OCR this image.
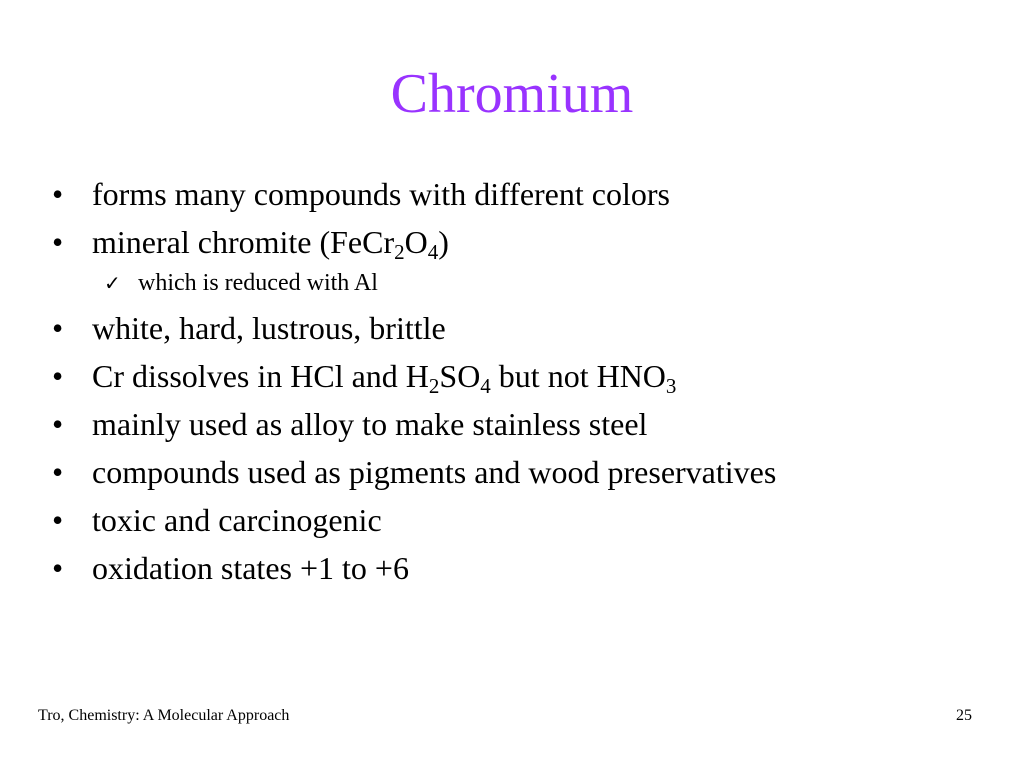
Chromium
• forms many compounds with different colors
• mineral chromite $(FeCr_2O_4)$
✓ which is reduced with Al
• white, hard, lustrous, brittle
• Cr dissolves in HCl and $H_2SO_4$ but not $HNO_3$
• mainly used as alloy to make stainless steel
• compounds used as pigments and wood preservatives
• toxic and carcinogenic
• oxidation states +1 to +6
Tro, Chemistry: A Molecular Approach	25
